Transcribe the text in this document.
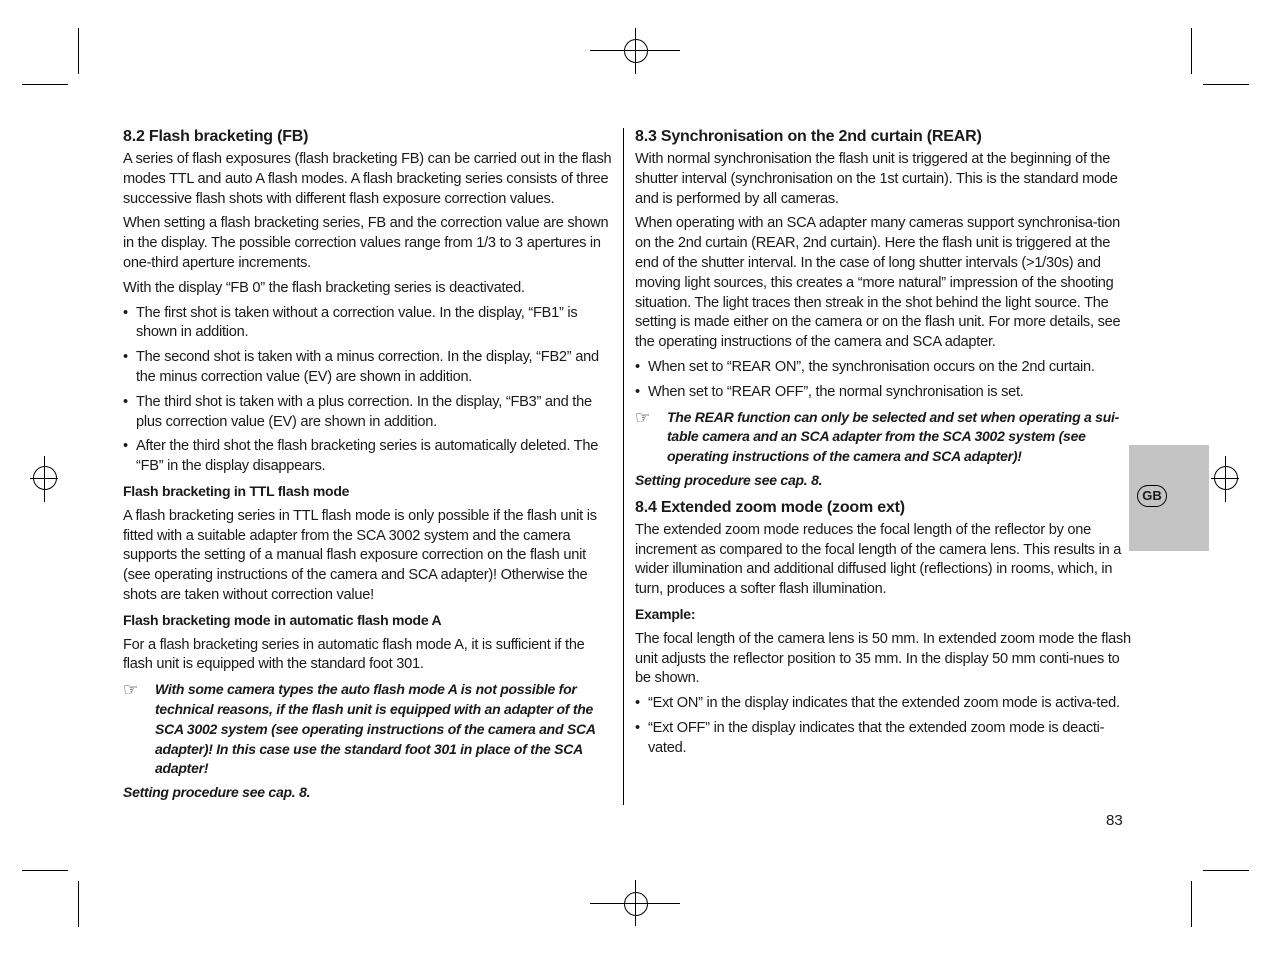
GB
8.2 Flash bracketing (FB)

A series of flash exposures (flash bracketing FB) can be carried out in the flash modes TTL and auto A flash modes. A flash bracketing series consists of three successive flash shots with different flash exposure correction values.

When setting a flash bracketing series, FB and the correction value are shown in the display. The possible correction values range from 1/3 to 3 apertures in one-third aperture increments.

With the display “FB 0” the flash bracketing series is deactivated.

• The first shot is taken without a correction value. In the display, “FB1” is shown in addition.
• The second shot is taken with a minus correction. In the display, “FB2” and the minus correction value (EV) are shown in addition.
• The third shot is taken with a plus correction. In the display, “FB3” and the plus correction value (EV) are shown in addition.
• After the third shot the flash bracketing series is automatically deleted. The “FB” in the display disappears.
Flash bracketing in TTL flash mode

A flash bracketing series in TTL flash mode is only possible if the flash unit is fitted with a suitable adapter from the SCA 3002 system and the camera supports the setting of a manual flash exposure correction on the flash unit (see operating instructions of the camera and SCA adapter)! Otherwise the shots are taken without correction value!

Flash bracketing mode in automatic flash mode A

For a flash bracketing series in automatic flash mode A, it is sufficient if the flash unit is equipped with the standard foot 301.

☞	With some camera types the auto flash mode A is not possible for technical reasons, if the flash unit is equipped with an adapter of the SCA 3002 system (see operating instructions of the camera and SCA adapter)! In this case use the standard foot 301 in place of the SCA adapter!

Setting procedure see cap. 8.

8.3 Synchronisation on the 2nd curtain (REAR)

With normal synchronisation the flash unit is triggered at the beginning of the shutter interval (synchronisation on the 1st curtain). This is the standard mode and is performed by all cameras.

When operating with an SCA adapter many cameras support synchronisa-tion on the 2nd curtain (REAR, 2nd curtain). Here the flash unit is triggered at the end of the shutter interval. In the case of long shutter intervals (>1/30s) and moving light sources, this creates a “more natural” impression of the shooting situation. The light traces then streak in the shot behind the light source. The setting is made either on the camera or on the flash unit. For more details, see the operating instructions of the camera and SCA adapter.

• When set to “REAR ON”, the synchronisation occurs on the 2nd curtain.
• When set to “REAR OFF”, the normal synchronisation is set.
☞	The REAR function can only be selected and set when operating a sui-table camera and an SCA adapter from the SCA 3002 system (see operating instructions of the camera and SCA adapter)!

Setting procedure see cap. 8.

8.4 Extended zoom mode (zoom ext)

The extended zoom mode reduces the focal length of the reflector by one increment as compared to the focal length of the camera lens. This results in a wider illumination and additional diffused light (reflections) in rooms, which, in turn, produces a softer flash illumination.

Example:

The focal length of the camera lens is 50 mm. In extended zoom mode the flash unit adjusts the reflector position to 35 mm. In the display 50 mm conti-nues to be shown.

• “Ext ON” in the display indicates that the extended zoom mode is activa-ted.
• “Ext OFF” in the display indicates that the extended zoom mode is deacti-vated.
83
